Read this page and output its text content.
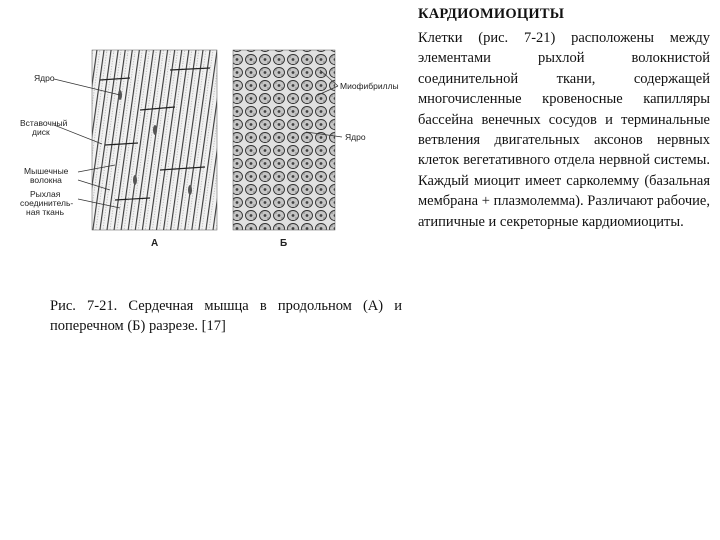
КАРДИОМИОЦИТЫ
Клетки (рис. 7-21) расположены между элементами рыхлой волокнистой соединительной ткани, содержащей многочисленные кровеносные капилляры бассейна венечных сосудов и терминальные ветвления двигательных аксонов нервных клеток вегетативного отдела нервной системы. Каждый миоцит имеет сарколемму (базальная мембрана + плазмолемма). Различают рабочие, атипичные и секреторные кардиомиоциты.
Ядро
Вставочный
диск
Мышечные
волокна
Рыхлая
соединитель-
ная ткань
Миофибриллы
Ядро
А	Б
Рис. 7-21. Сердечная мышца в продольном (А) и поперечном (Б) разрезе. [17]
